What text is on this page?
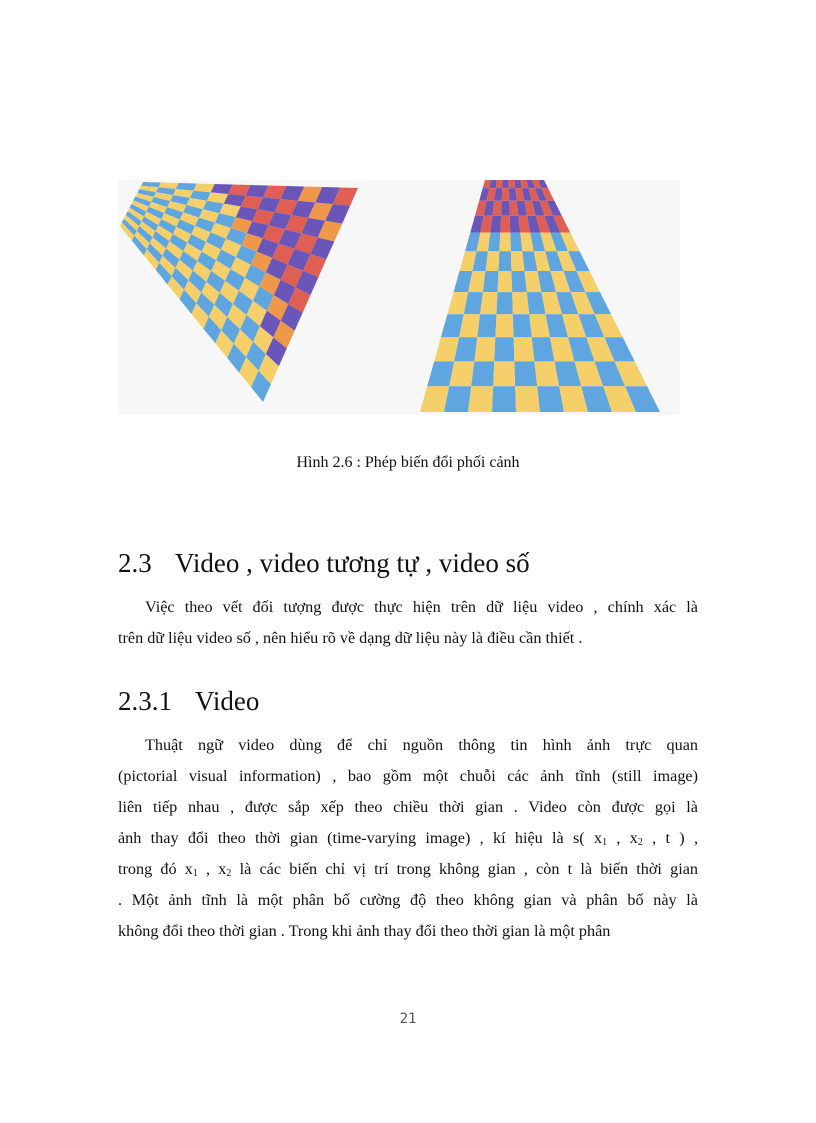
Hình 2.6 : Phép biến đổi phối cảnh
2.3 Video , video tương tự , video số
Việc theo vết đối tượng được thực hiện trên dữ liệu video , chính xác là
trên dữ liệu video số , nên hiểu rõ về dạng dữ liệu này là điều cần thiết .
2.3.1 Video
Thuật ngữ video dùng để chỉ nguồn thông tin hình ảnh trực quan
(pictorial visual information) , bao gồm một chuỗi các ảnh tĩnh (still image)
liên tiếp nhau , được sắp xếp theo chiều thời gian . Video còn được gọi là
ảnh thay đổi theo thời gian (time-varying image) , kí hiệu là s( $x_1$ , $x_2$ , t ) ,
trong đó $x_1$ , $x_2$ là các biến chỉ vị trí trong không gian , còn t là biến thời gian
. Một ảnh tĩnh là một phân bố cường độ theo không gian và phân bố này là
không đổi theo thời gian . Trong khi ảnh thay đổi theo thời gian là một phân
21
